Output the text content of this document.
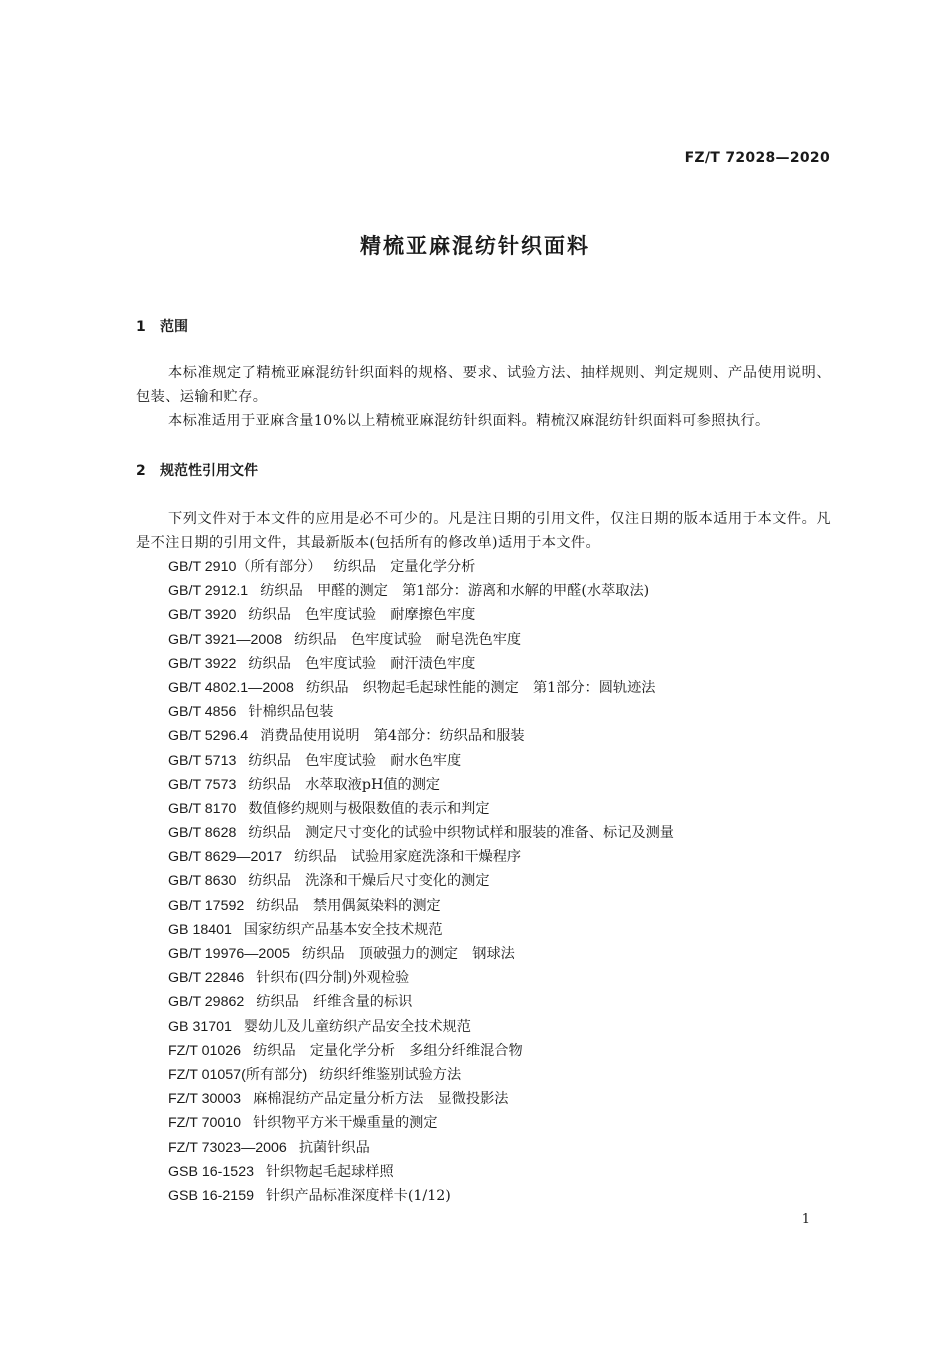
FZ/T 72028—2020
精梳亚麻混纺针织面料
1 范围
本标准规定了精梳亚麻混纺针织面料的规格、要求、试验方法、抽样规则、判定规则、产品使用说明、包装、运输和贮存。
本标准适用于亚麻含量10%以上精梳亚麻混纺针织面料。精梳汉麻混纺针织面料可参照执行。
2 规范性引用文件
下列文件对于本文件的应用是必不可少的。凡是注日期的引用文件，仅注日期的版本适用于本文件。凡是不注日期的引用文件，其最新版本(包括所有的修改单)适用于本文件。
GB/T 2910（所有部分） 纺织品　定量化学分析
GB/T 2912.1 纺织品　甲醛的测定　第1部分：游离和水解的甲醛(水萃取法)
GB/T 3920 纺织品　色牢度试验　耐摩擦色牢度
GB/T 3921—2008 纺织品　色牢度试验　耐皂洗色牢度
GB/T 3922 纺织品　色牢度试验　耐汗渍色牢度
GB/T 4802.1—2008 纺织品　织物起毛起球性能的测定　第1部分：圆轨迹法
GB/T 4856 针棉织品包装
GB/T 5296.4 消费品使用说明　第4部分：纺织品和服装
GB/T 5713 纺织品　色牢度试验　耐水色牢度
GB/T 7573 纺织品　水萃取液pH值的测定
GB/T 8170 数值修约规则与极限数值的表示和判定
GB/T 8628 纺织品　测定尺寸变化的试验中织物试样和服装的准备、标记及测量
GB/T 8629—2017 纺织品　试验用家庭洗涤和干燥程序
GB/T 8630 纺织品　洗涤和干燥后尺寸变化的测定
GB/T 17592 纺织品　禁用偶氮染料的测定
GB 18401 国家纺织产品基本安全技术规范
GB/T 19976—2005 纺织品　顶破强力的测定　钢球法
GB/T 22846 针织布(四分制)外观检验
GB/T 29862 纺织品　纤维含量的标识
GB 31701 婴幼儿及儿童纺织产品安全技术规范
FZ/T 01026 纺织品　定量化学分析　多组分纤维混合物
FZ/T 01057(所有部分) 纺织纤维鉴别试验方法
FZ/T 30003 麻棉混纺产品定量分析方法　显微投影法
FZ/T 70010 针织物平方米干燥重量的测定
FZ/T 73023—2006 抗菌针织品
GSB 16-1523 针织物起毛起球样照
GSB 16-2159 针织产品标准深度样卡(1/12)
1
